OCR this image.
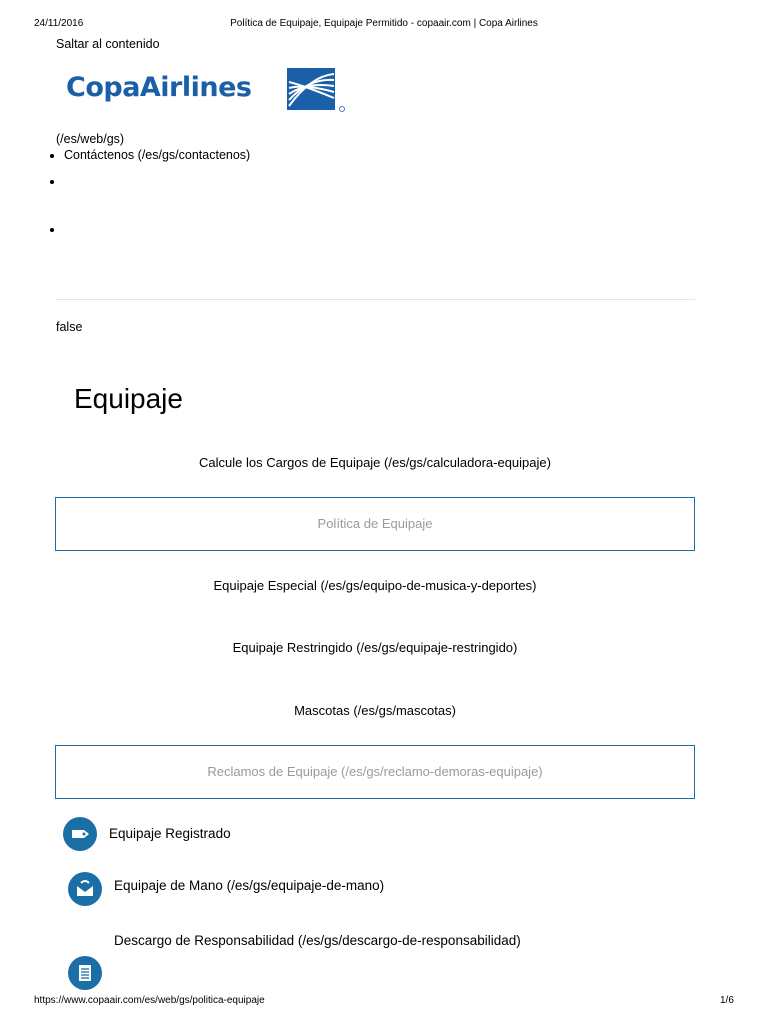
24/11/2016	Política de Equipaje, Equipaje Permitido - copaair.com | Copa Airlines
Saltar al contenido
CopaAirlines
(/es/web/gs)
• Contáctenos (/es/gs/contactenos)
•
•
false
Equipaje
Calcule los Cargos de Equipaje (/es/gs/calculadora-equipaje)
Política de Equipaje
Equipaje Especial (/es/gs/equipo-de-musica-y-deportes)
Equipaje Restringido (/es/gs/equipaje-restringido)
Mascotas (/es/gs/mascotas)
Reclamos de Equipaje (/es/gs/reclamo-demoras-equipaje)
Equipaje Registrado
Equipaje de Mano (/es/gs/equipaje-de-mano)
Descargo de Responsabilidad (/es/gs/descargo-de-responsabilidad)
https://www.copaair.com/es/web/gs/politica-equipaje	1/6
